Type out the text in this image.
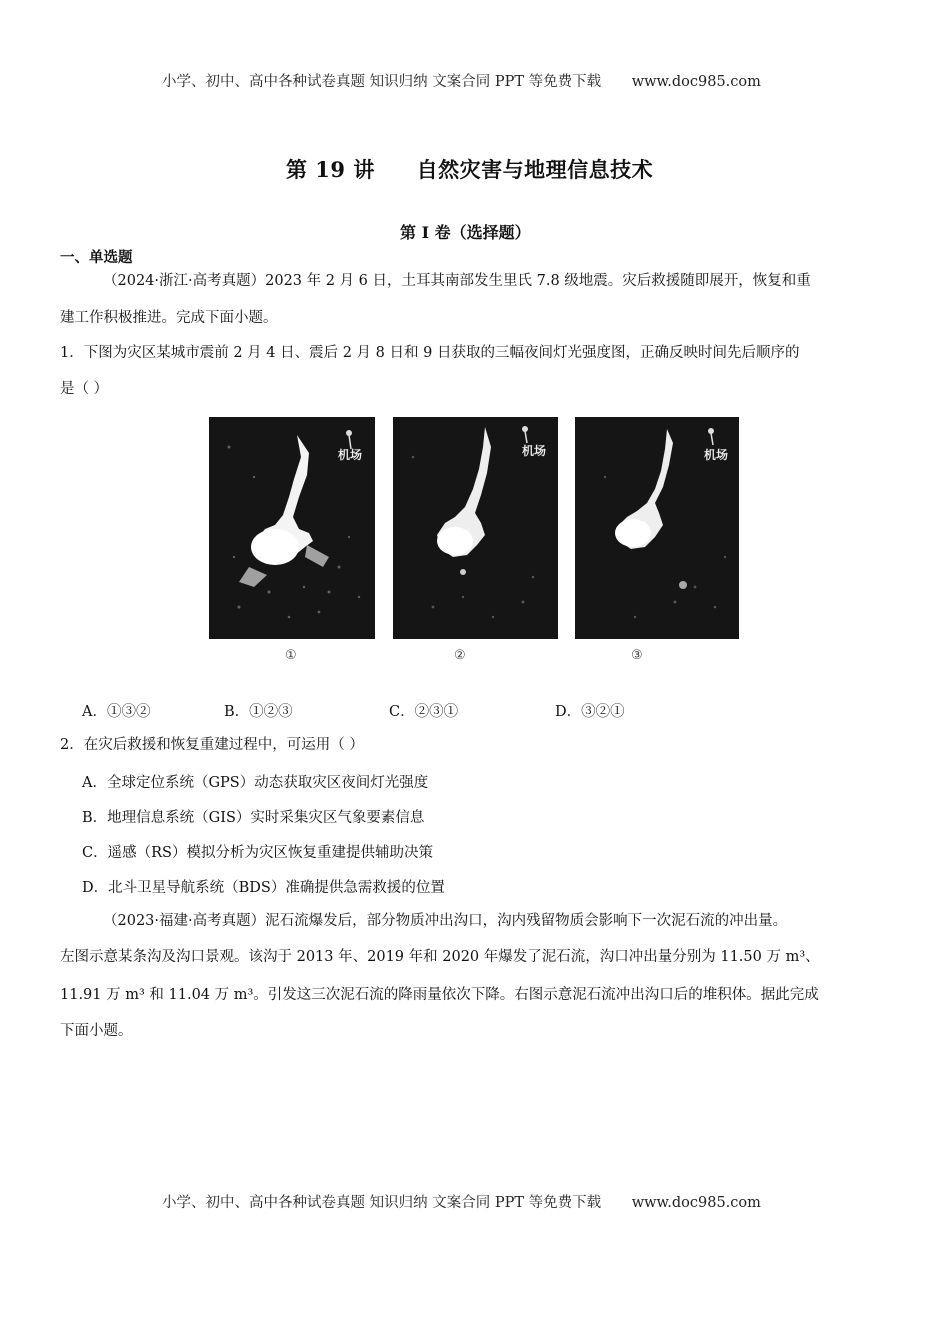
小学、初中、高中各种试卷真题 知识归纳 文案合同 PPT 等免费下载 www.doc985.com
第 19 讲 自然灾害与地理信息技术
第 I 卷（选择题）
一、单选题
（2024·浙江·高考真题）2023 年 2 月 6 日，土耳其南部发生里氏 7.8 级地震。灾后救援随即展开，恢复和重
建工作积极推进。完成下面小题。
1．下图为灾区某城市震前 2 月 4 日、震后 2 月 8 日和 9 日获取的三幅夜间灯光强度图，正确反映时间先后顺序的
是（ ）
机场	机场
机场
①	②	③
A．①③②	B．①②③	C．②③①	D．③②①
2．在灾后救援和恢复重建过程中，可运用（ ）
A．全球定位系统（GPS）动态获取灾区夜间灯光强度
B．地理信息系统（GIS）实时采集灾区气象要素信息
C．遥感（RS）模拟分析为灾区恢复重建提供辅助决策
D．北斗卫星导航系统（BDS）准确提供急需救援的位置
（2023·福建·高考真题）泥石流爆发后，部分物质冲出沟口，沟内残留物质会影响下一次泥石流的冲出量。
左图示意某条沟及沟口景观。该沟于 2013 年、2019 年和 2020 年爆发了泥石流，沟口冲出量分别为 11.50 万 m³、
11.91 万 m³ 和 11.04 万 m³。引发这三次泥石流的降雨量依次下降。右图示意泥石流冲出沟口后的堆积体。据此完成
下面小题。
小学、初中、高中各种试卷真题 知识归纳 文案合同 PPT 等免费下载 www.doc985.com
